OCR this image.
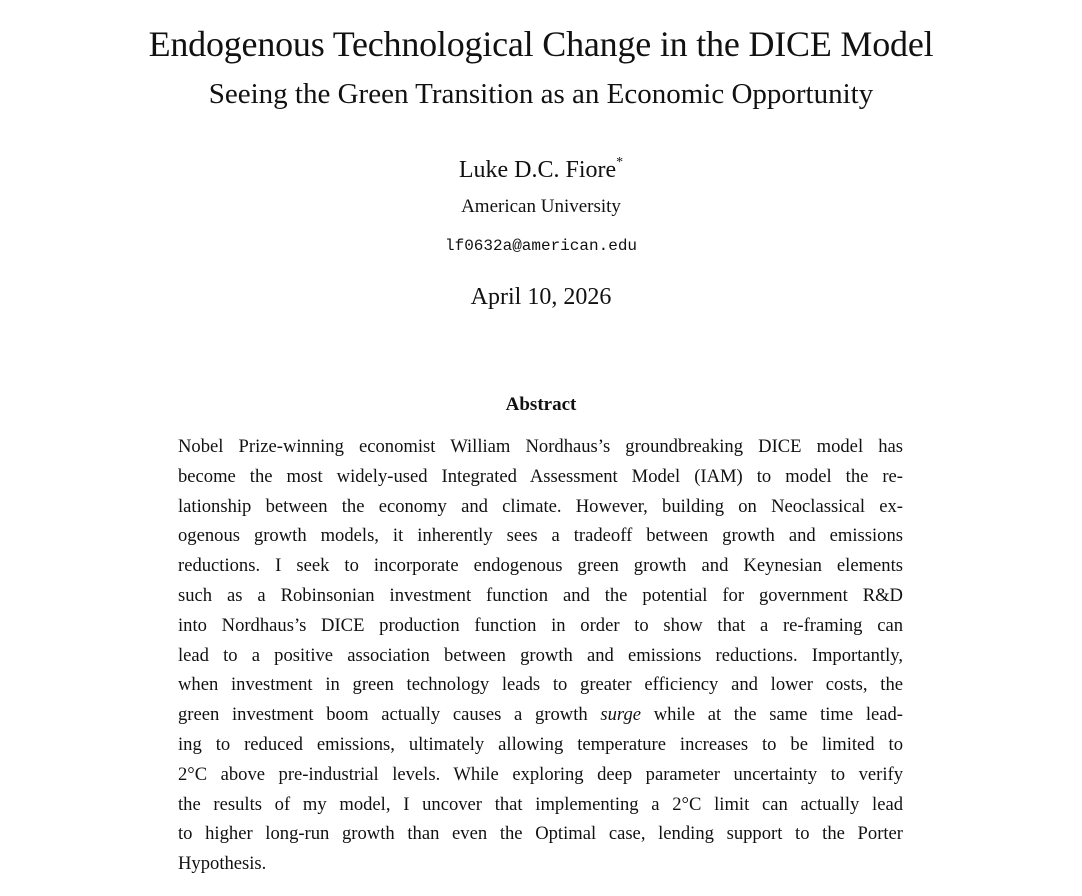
Endogenous Technological Change in the DICE Model
Seeing the Green Transition as an Economic Opportunity
Luke D.C. Fiore*
American University
lf0632a@american.edu
April 10, 2026
Abstract
Nobel Prize-winning economist William Nordhaus’s groundbreaking DICE model has
become the most widely-used Integrated Assessment Model (IAM) to model the re-
lationship between the economy and climate. However, building on Neoclassical ex-
ogenous growth models, it inherently sees a tradeoff between growth and emissions
reductions. I seek to incorporate endogenous green growth and Keynesian elements
such as a Robinsonian investment function and the potential for government R&D
into Nordhaus’s DICE production function in order to show that a re-framing can
lead to a positive association between growth and emissions reductions. Importantly,
when investment in green technology leads to greater efficiency and lower costs, the
green investment boom actually causes a growth surge while at the same time lead-
ing to reduced emissions, ultimately allowing temperature increases to be limited to
2°C above pre-industrial levels. While exploring deep parameter uncertainty to verify
the results of my model, I uncover that implementing a 2°C limit can actually lead
to higher long-run growth than even the Optimal case, lending support to the Porter
Hypothesis.
